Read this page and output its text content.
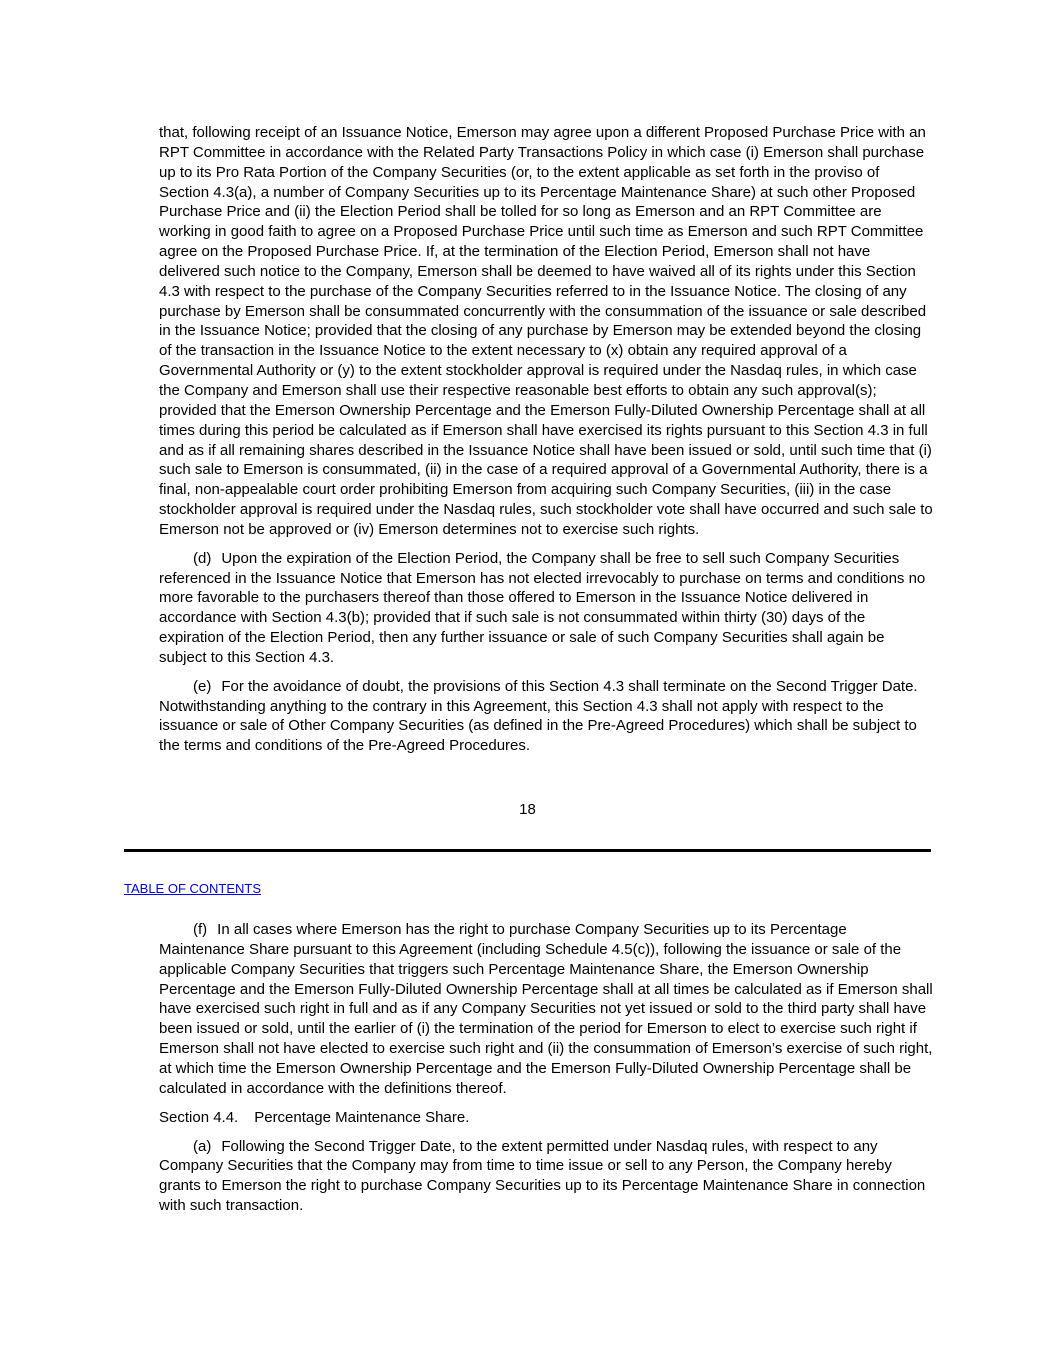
that, following receipt of an Issuance Notice, Emerson may agree upon a different Proposed Purchase Price with an RPT Committee in accordance with the Related Party Transactions Policy in which case (i) Emerson shall purchase up to its Pro Rata Portion of the Company Securities (or, to the extent applicable as set forth in the proviso of Section 4.3(a), a number of Company Securities up to its Percentage Maintenance Share) at such other Proposed Purchase Price and (ii) the Election Period shall be tolled for so long as Emerson and an RPT Committee are working in good faith to agree on a Proposed Purchase Price until such time as Emerson and such RPT Committee agree on the Proposed Purchase Price. If, at the termination of the Election Period, Emerson shall not have delivered such notice to the Company, Emerson shall be deemed to have waived all of its rights under this Section 4.3 with respect to the purchase of the Company Securities referred to in the Issuance Notice. The closing of any purchase by Emerson shall be consummated concurrently with the consummation of the issuance or sale described in the Issuance Notice; provided that the closing of any purchase by Emerson may be extended beyond the closing of the transaction in the Issuance Notice to the extent necessary to (x) obtain any required approval of a Governmental Authority or (y) to the extent stockholder approval is required under the Nasdaq rules, in which case the Company and Emerson shall use their respective reasonable best efforts to obtain any such approval(s); provided that the Emerson Ownership Percentage and the Emerson Fully-Diluted Ownership Percentage shall at all times during this period be calculated as if Emerson shall have exercised its rights pursuant to this Section 4.3 in full and as if all remaining shares described in the Issuance Notice shall have been issued or sold, until such time that (i) such sale to Emerson is consummated, (ii) in the case of a required approval of a Governmental Authority, there is a final, non-appealable court order prohibiting Emerson from acquiring such Company Securities, (iii) in the case stockholder approval is required under the Nasdaq rules, such stockholder vote shall have occurred and such sale to Emerson not be approved or (iv) Emerson determines not to exercise such rights.

(d) Upon the expiration of the Election Period, the Company shall be free to sell such Company Securities referenced in the Issuance Notice that Emerson has not elected irrevocably to purchase on terms and conditions no more favorable to the purchasers thereof than those offered to Emerson in the Issuance Notice delivered in accordance with Section 4.3(b); provided that if such sale is not consummated within thirty (30) days of the expiration of the Election Period, then any further issuance or sale of such Company Securities shall again be subject to this Section 4.3.

(e) For the avoidance of doubt, the provisions of this Section 4.3 shall terminate on the Second Trigger Date. Notwithstanding anything to the contrary in this Agreement, this Section 4.3 shall not apply with respect to the issuance or sale of Other Company Securities (as defined in the Pre-Agreed Procedures) which shall be subject to the terms and conditions of the Pre-Agreed Procedures.

18
TABLE OF CONTENTS

(f) In all cases where Emerson has the right to purchase Company Securities up to its Percentage Maintenance Share pursuant to this Agreement (including Schedule 4.5(c)), following the issuance or sale of the applicable Company Securities that triggers such Percentage Maintenance Share, the Emerson Ownership Percentage and the Emerson Fully-Diluted Ownership Percentage shall at all times be calculated as if Emerson shall have exercised such right in full and as if any Company Securities not yet issued or sold to the third party shall have been issued or sold, until the earlier of (i) the termination of the period for Emerson to elect to exercise such right if Emerson shall not have elected to exercise such right and (ii) the consummation of Emerson’s exercise of such right, at which time the Emerson Ownership Percentage and the Emerson Fully-Diluted Ownership Percentage shall be calculated in accordance with the definitions thereof.

Section 4.4. Percentage Maintenance Share.

(a) Following the Second Trigger Date, to the extent permitted under Nasdaq rules, with respect to any Company Securities that the Company may from time to time issue or sell to any Person, the Company hereby grants to Emerson the right to purchase Company Securities up to its Percentage Maintenance Share in connection with such transaction.
